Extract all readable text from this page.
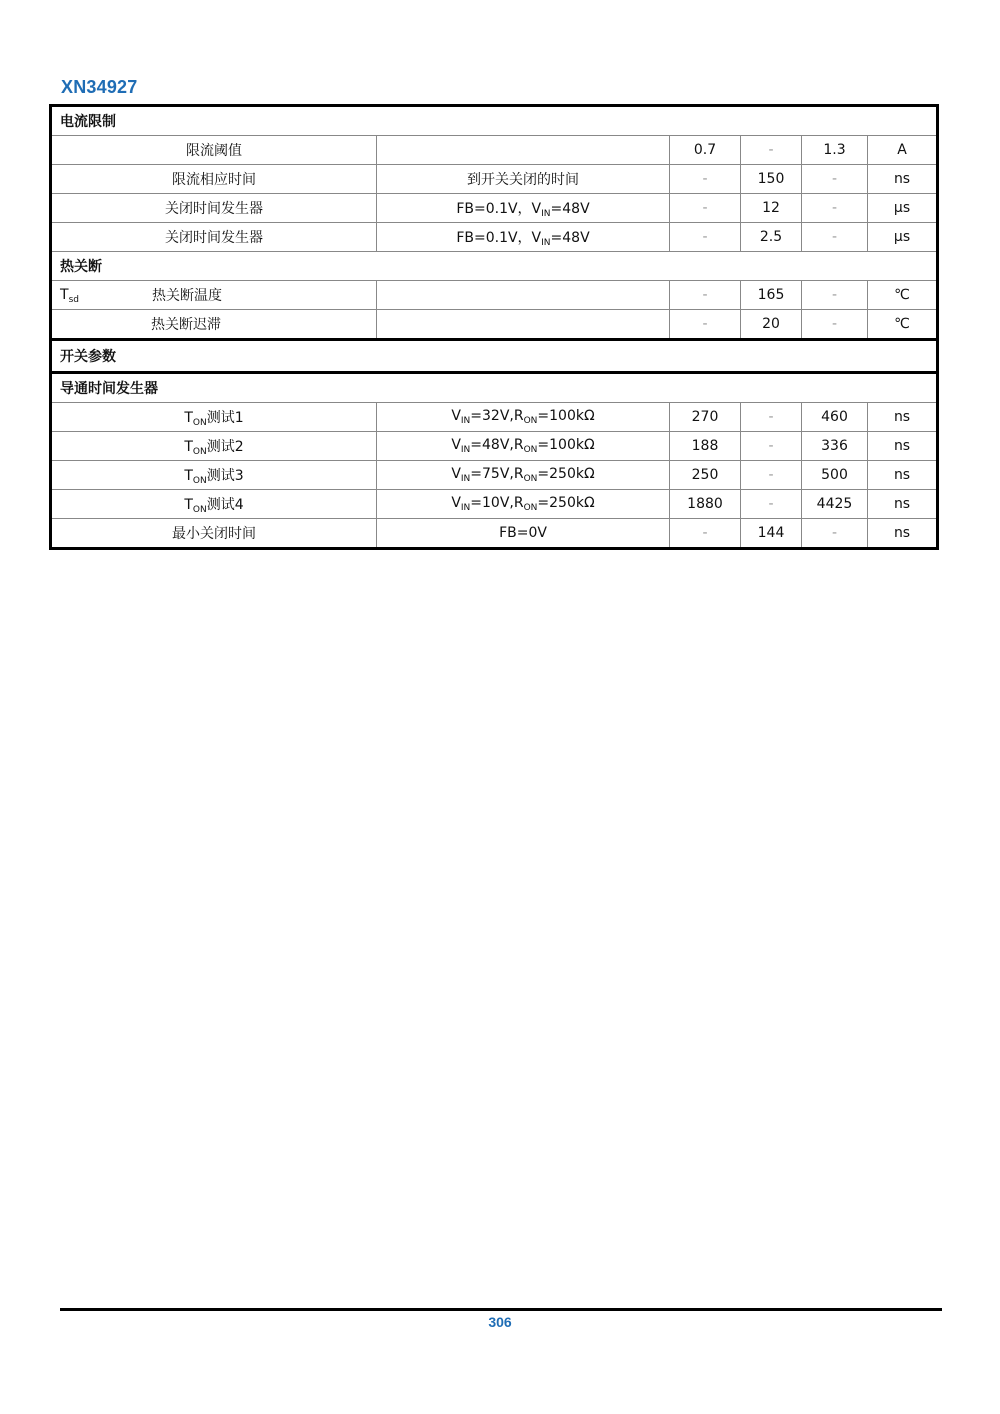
XN34927
电流限制					
限流阈值		0.7	-	1.3	A
限流相应时间	到开关关闭的时间	-	150	-	ns
关闭时间发生器	FB=0.1V，$V_{IN}=48V$	-	12	-	μs
关闭时间发生器	FB=0.1V，$V_{IN}=48V$	-	2.5	-	μs
热关断					

$T_{sd}$ 热关断温度		-	165	-	℃
热关断迟滞		-	20	-	℃
开关参数					
导通时间发生器					
$T_{ON}$测试1	$V_{IN}=32V,R_{ON}=100k\Omega$	270	-	460	ns
$T_{ON}$测试2	$V_{IN}=48V,R_{ON}=100k\Omega$	188	-	336	ns
$T_{ON}$测试3	$V_{IN}=75V,R_{ON}=250k\Omega$	250	-	500	ns
$T_{ON}$测试4	$V_{IN}=10V,R_{ON}=250k\Omega$	1880	-	4425	ns
最小关闭时间	FB=0V	-	144	-	ns
306
